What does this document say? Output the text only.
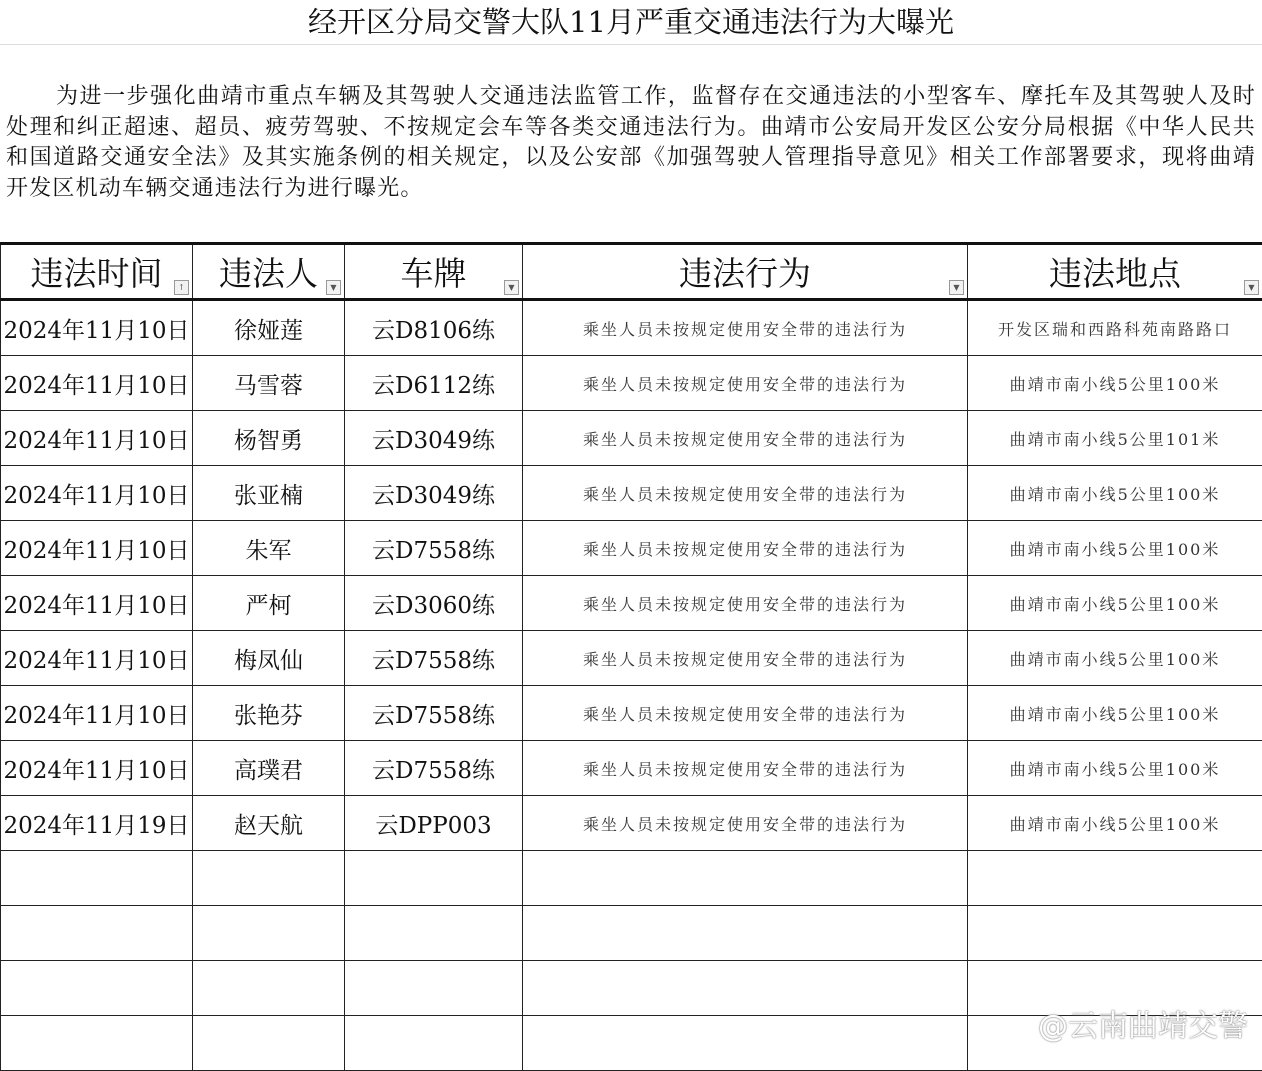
经开区分局交警大队11月严重交通违法行为大曝光
为进一步强化曲靖市重点车辆及其驾驶人交通违法监管工作，监督存在交通违法的小型客车、摩托车及其驾驶人及时处理和纠正超速、超员、疲劳驾驶、不按规定会车等各类交通违法行为。曲靖市公安局开发区公安分局根据《中华人民共和国道路交通安全法》及其实施条例的相关规定，以及公安部《加强驾驶人管理指导意见》相关工作部署要求，现将曲靖开发区机动车辆交通违法行为进行曝光。
违法时间 ↑	违法人 ▼	车牌 ▼	违法行为 ▼	违法地点 ▼

2024年11月10日	徐娅莲	云D8106练	乘坐人员未按规定使用安全带的违法行为	开发区瑞和西路科苑南路路口
2024年11月10日	马雪蓉	云D6112练	乘坐人员未按规定使用安全带的违法行为	曲靖市南小线5公里100米
2024年11月10日	杨智勇	云D3049练	乘坐人员未按规定使用安全带的违法行为	曲靖市南小线5公里101米
2024年11月10日	张亚楠	云D3049练	乘坐人员未按规定使用安全带的违法行为	曲靖市南小线5公里100米
2024年11月10日	朱军	云D7558练	乘坐人员未按规定使用安全带的违法行为	曲靖市南小线5公里100米
2024年11月10日	严柯	云D3060练	乘坐人员未按规定使用安全带的违法行为	曲靖市南小线5公里100米
2024年11月10日	梅凤仙	云D7558练	乘坐人员未按规定使用安全带的违法行为	曲靖市南小线5公里100米
2024年11月10日	张艳芬	云D7558练	乘坐人员未按规定使用安全带的违法行为	曲靖市南小线5公里100米
2024年11月10日	高璞君	云D7558练	乘坐人员未按规定使用安全带的违法行为	曲靖市南小线5公里100米
2024年11月19日	赵天航	云DPP003	乘坐人员未按规定使用安全带的违法行为	曲靖市南小线5公里100米

@云南曲靖交警
